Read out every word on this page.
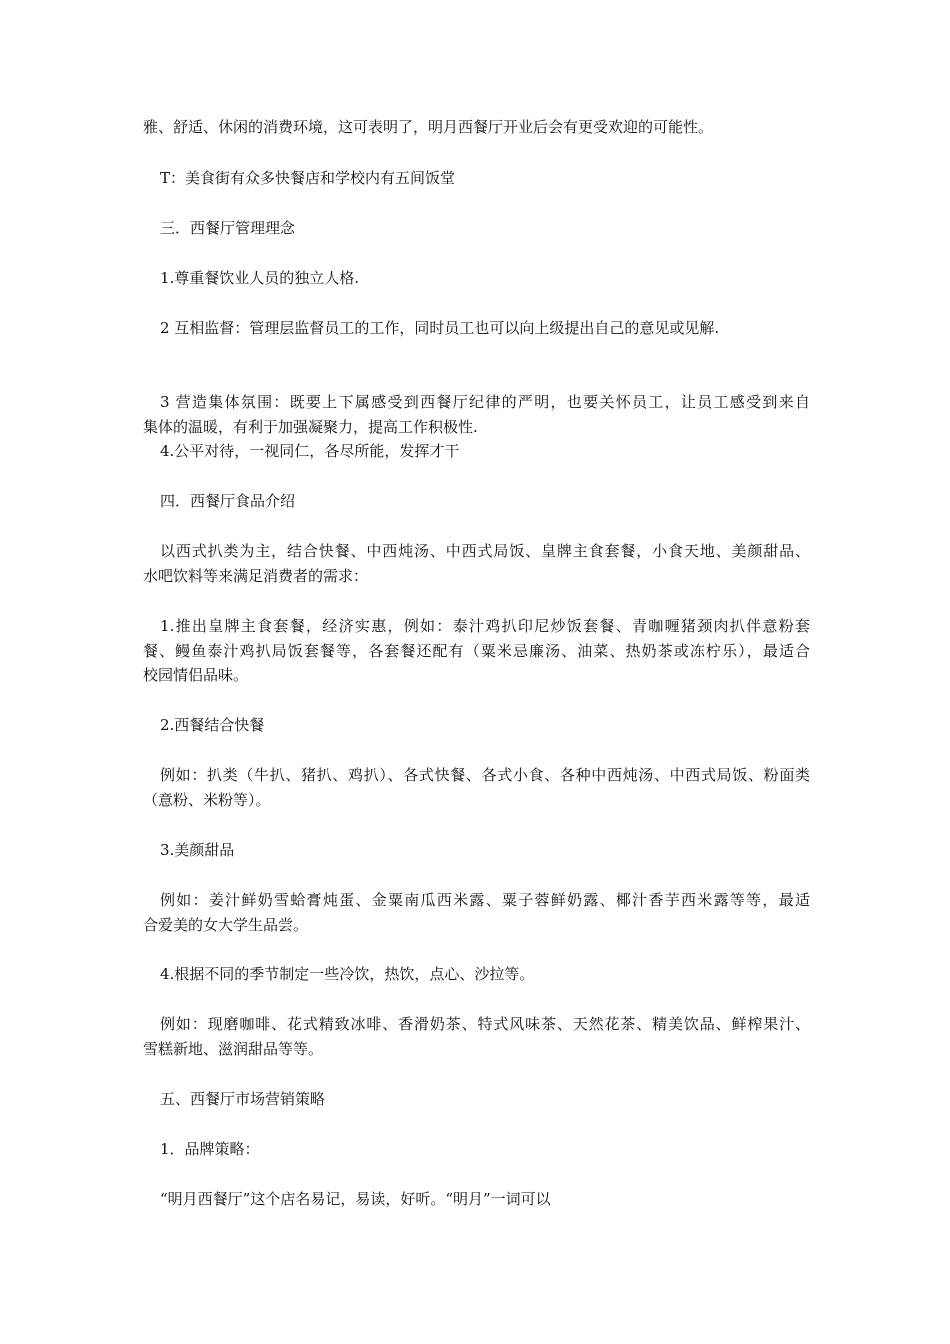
雅、舒适、休闲的消费环境，这可表明了，明月西餐厅开业后会有更受欢迎的可能性。
T：美食街有众多快餐店和学校内有五间饭堂
三．西餐厅管理理念
1.尊重餐饮业人员的独立人格.
2 互相监督：管理层监督员工的工作，同时员工也可以向上级提出自己的意见或见解.
3 营造集体氛围：既要上下属感受到西餐厅纪律的严明，也要关怀员工，让员工感受到来自
集体的温暖，有利于加强凝聚力，提高工作积极性.
4.公平对待，一视同仁，各尽所能，发挥才干
四．西餐厅食品介绍
以西式扒类为主，结合快餐、中西炖汤、中西式局饭、皇牌主食套餐，小食天地、美颜甜品、
水吧饮料等来满足消费者的需求：
1.推出皇牌主食套餐，经济实惠，例如：泰汁鸡扒印尼炒饭套餐、青咖喱猪颈肉扒伴意粉套
餐、鳗鱼泰汁鸡扒局饭套餐等，各套餐还配有（粟米忌廉汤、油菜、热奶茶或冻柠乐），最适合
校园情侣品味。
2.西餐结合快餐
例如：扒类（牛扒、猪扒、鸡扒）、各式快餐、各式小食、各种中西炖汤、中西式局饭、粉面类
（意粉、米粉等）。
3.美颜甜品
例如：姜汁鲜奶雪蛤膏炖蛋、金粟南瓜西米露、粟子蓉鲜奶露、椰汁香芋西米露等等，最适
合爱美的女大学生品尝。
4.根据不同的季节制定一些冷饮，热饮，点心、沙拉等。
例如：现磨咖啡、花式精致冰啡、香滑奶茶、特式风味茶、天然花茶、精美饮品、鲜榨果汁、
雪糕新地、滋润甜品等等。
五、西餐厅市场营销策略
1．品牌策略：
“明月西餐厅”这个店名易记，易读，好听。“明月”一词可以
